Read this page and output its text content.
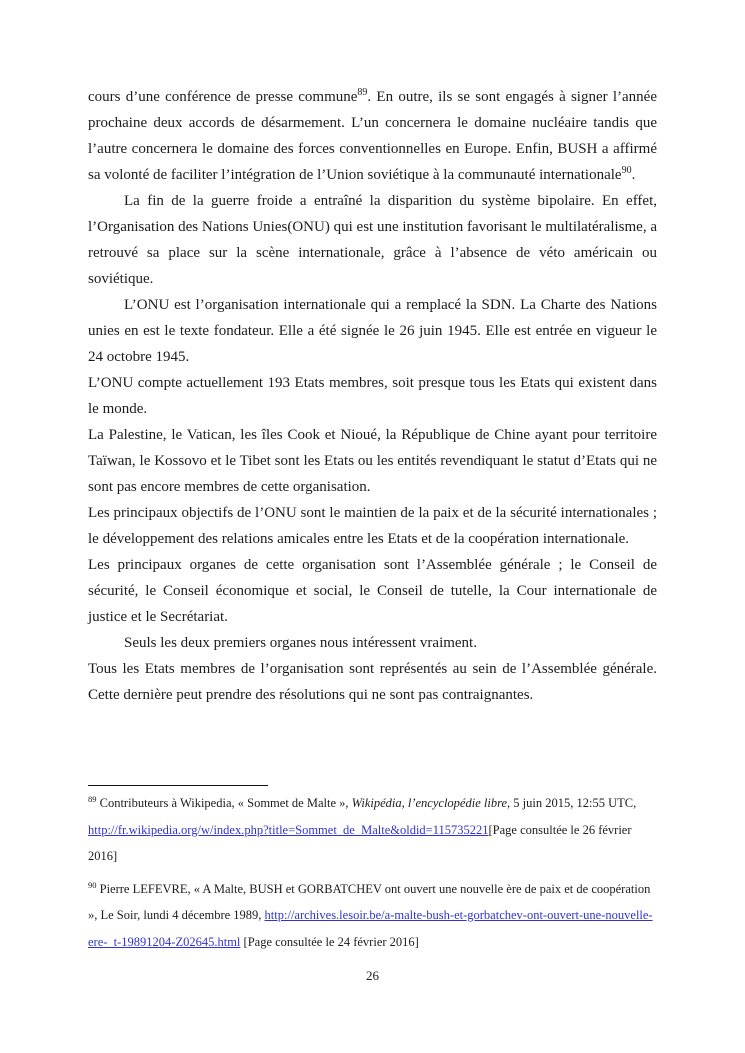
cours d’une conférence de presse commune$^{89}$. En outre, ils se sont engagés à signer l’année prochaine deux accords de désarmement. L’un concernera le domaine nucléaire tandis que l’autre concernera le domaine des forces conventionnelles en Europe. Enfin, BUSH a affirmé sa volonté de faciliter l’intégration de l’Union soviétique à la communauté internationale$^{90}$.

La fin de la guerre froide a entraîné la disparition du système bipolaire. En effet, l’Organisation des Nations Unies(ONU) qui est une institution favorisant le multilatéralisme, a retrouvé sa place sur la scène internationale, grâce à l’absence de véto américain ou soviétique.

L’ONU est l’organisation internationale qui a remplacé la SDN. La Charte des Nations unies en est le texte fondateur. Elle a été signée le 26 juin 1945. Elle est entrée en vigueur le 24 octobre 1945.

L’ONU compte actuellement 193 Etats membres, soit presque tous les Etats qui existent dans le monde.

La Palestine, le Vatican, les îles Cook et Nioué, la République de Chine ayant pour territoire Taïwan, le Kossovo et le Tibet sont les Etats ou les entités revendiquant le statut d’Etats qui ne sont pas encore membres de cette organisation.

Les principaux objectifs de l’ONU sont le maintien de la paix et de la sécurité internationales ; le développement des relations amicales entre les Etats et de la coopération internationale.

Les principaux organes de cette organisation sont l’Assemblée générale ; le Conseil de sécurité, le Conseil économique et social, le Conseil de tutelle, la Cour internationale de justice et le Secrétariat.

Seuls les deux premiers organes nous intéressent vraiment.

Tous les Etats membres de l’organisation sont représentés au sein de l’Assemblée générale. Cette dernière peut prendre des résolutions qui ne sont pas contraignantes.

$^{89}$ Contributeurs à Wikipedia, « Sommet de Malte », Wikipédia, l’encyclopédie libre, 5 juin 2015, 12:55 UTC, http://fr.wikipedia.org/w/index.php?title=Sommet_de_Malte&oldid=115735221[Page consultée le 26 février 2016]

$^{90}$ Pierre LEFEVRE, « A Malte, BUSH et GORBATCHEV ont ouvert une nouvelle ère de paix et de coopération », Le Soir, lundi 4 décembre 1989, http://archives.lesoir.be/a-malte-bush-et-gorbatchev-ont-ouvert-une-nouvelle-ere-_t-19891204-Z02645.html [Page consultée le 24 février 2016]

26
